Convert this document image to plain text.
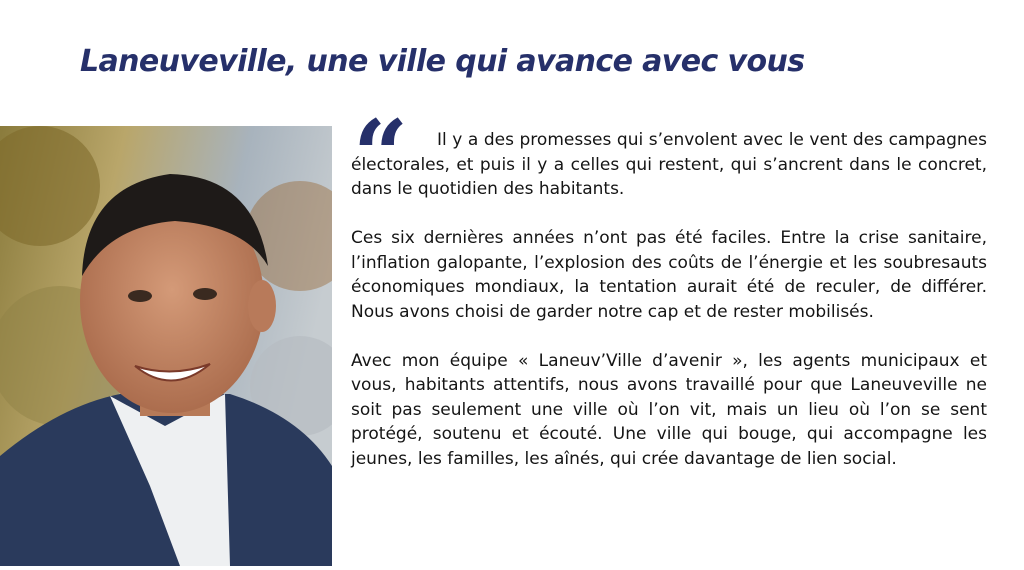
Laneuveville, une ville qui avance avec vous
“	Il y a des promesses qui s’envolent avec le vent des campagnes électorales, et puis il y a celles qui restent, qui s’ancrent dans le concret, dans le quotidien des habitants.

Ces six dernières années n’ont pas été faciles. Entre la crise sanitaire, l’inflation galopante, l’explosion des coûts de l’énergie et les soubresauts économiques mondiaux, la tentation aurait été de reculer, de différer. Nous avons choisi de garder notre cap et de rester mobilisés.

Avec mon équipe « Laneuv’Ville d’avenir », les agents municipaux et vous, habitants attentifs, nous avons travaillé pour que Laneuveville ne soit pas seulement une ville où l’on vit, mais un lieu où l’on se sent protégé, soutenu et écouté. Une ville qui bouge, qui accompagne les jeunes, les familles, les aînés, qui crée davantage de lien social.
